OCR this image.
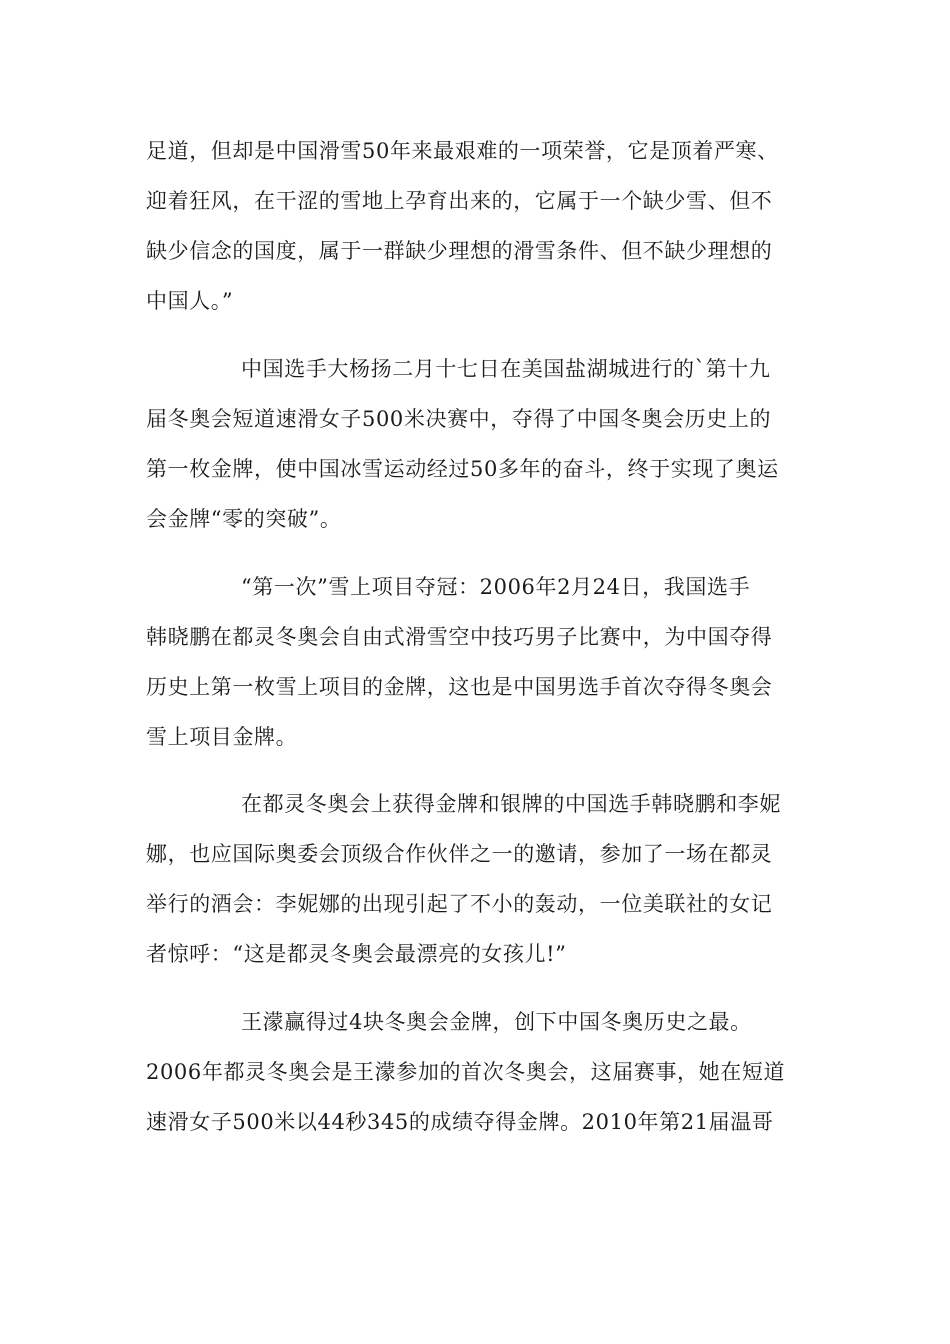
足道，但却是中国滑雪50年来最艰难的一项荣誉，它是顶着严寒、
迎着狂风，在干涩的雪地上孕育出来的，它属于一个缺少雪、但不
缺少信念的国度，属于一群缺少理想的滑雪条件、但不缺少理想的
中国人。”
中国选手大杨扬二月十七日在美国盐湖城进行的`第十九
届冬奥会短道速滑女子500米决赛中，夺得了中国冬奥会历史上的
第一枚金牌，使中国冰雪运动经过50多年的奋斗，终于实现了奥运
会金牌“零的突破”。
“第一次”雪上项目夺冠：2006年2月24日，我国选手
韩晓鹏在都灵冬奥会自由式滑雪空中技巧男子比赛中，为中国夺得
历史上第一枚雪上项目的金牌，这也是中国男选手首次夺得冬奥会
雪上项目金牌。
在都灵冬奥会上获得金牌和银牌的中国选手韩晓鹏和李妮
娜，也应国际奥委会顶级合作伙伴之一的邀请，参加了一场在都灵
举行的酒会：李妮娜的出现引起了不小的轰动，一位美联社的女记
者惊呼：“这是都灵冬奥会最漂亮的女孩儿!”
王濛赢得过4块冬奥会金牌，创下中国冬奥历史之最。
2006年都灵冬奥会是王濛参加的首次冬奥会，这届赛事，她在短道
速滑女子500米以44秒345的成绩夺得金牌。2010年第21届温哥
